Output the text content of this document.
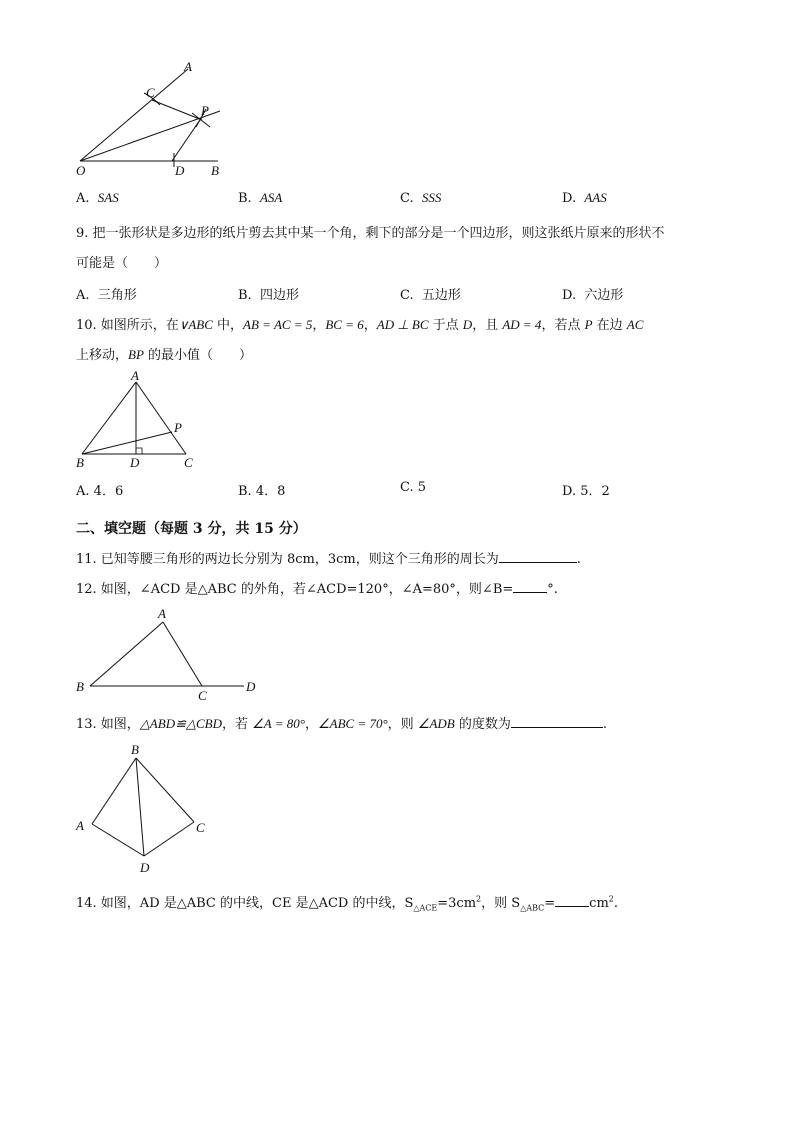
A
C
P
O	D B
A. SAS	B. ASA	C. SSS	D. AAS
9. 把一张形状是多边形的纸片剪去其中某一个角，剩下的部分是一个四边形，则这张纸片原来的形状不
可能是（　　）
A. 三角形	B. 四边形	C. 五边形	D. 六边形
10. 如图所示，在∨ABC 中，AB = AC = 5，BC = 6，AD ⊥ BC 于点 D，且 AD = 4，若点 P 在边 AC
上移动，BP 的最小值（　　）
A
P
B	D	C
A. 4．6	B. 4．8	C. 5	D. 5．2
二、填空题（每题 3 分，共 15 分）
11. 已知等腰三角形的两边长分别为 8cm，3cm，则这个三角形的周长为	.
12. 如图，∠ACD 是△ABC 的外角，若∠ACD=120°，∠A=80°，则∠B=	°.
A
B
C
D
13. 如图，△ABD≌△CBD，若 ∠A = 80°，∠ABC = 70°，则 ∠ADB 的度数为	.
B
A	C
D
14. 如图，AD 是△ABC 的中线，CE 是△ACD 的中线，$S_{\triangle ACE}=3cm^2$，则 $S_{\triangle ABC}=$	$cm^2$.
